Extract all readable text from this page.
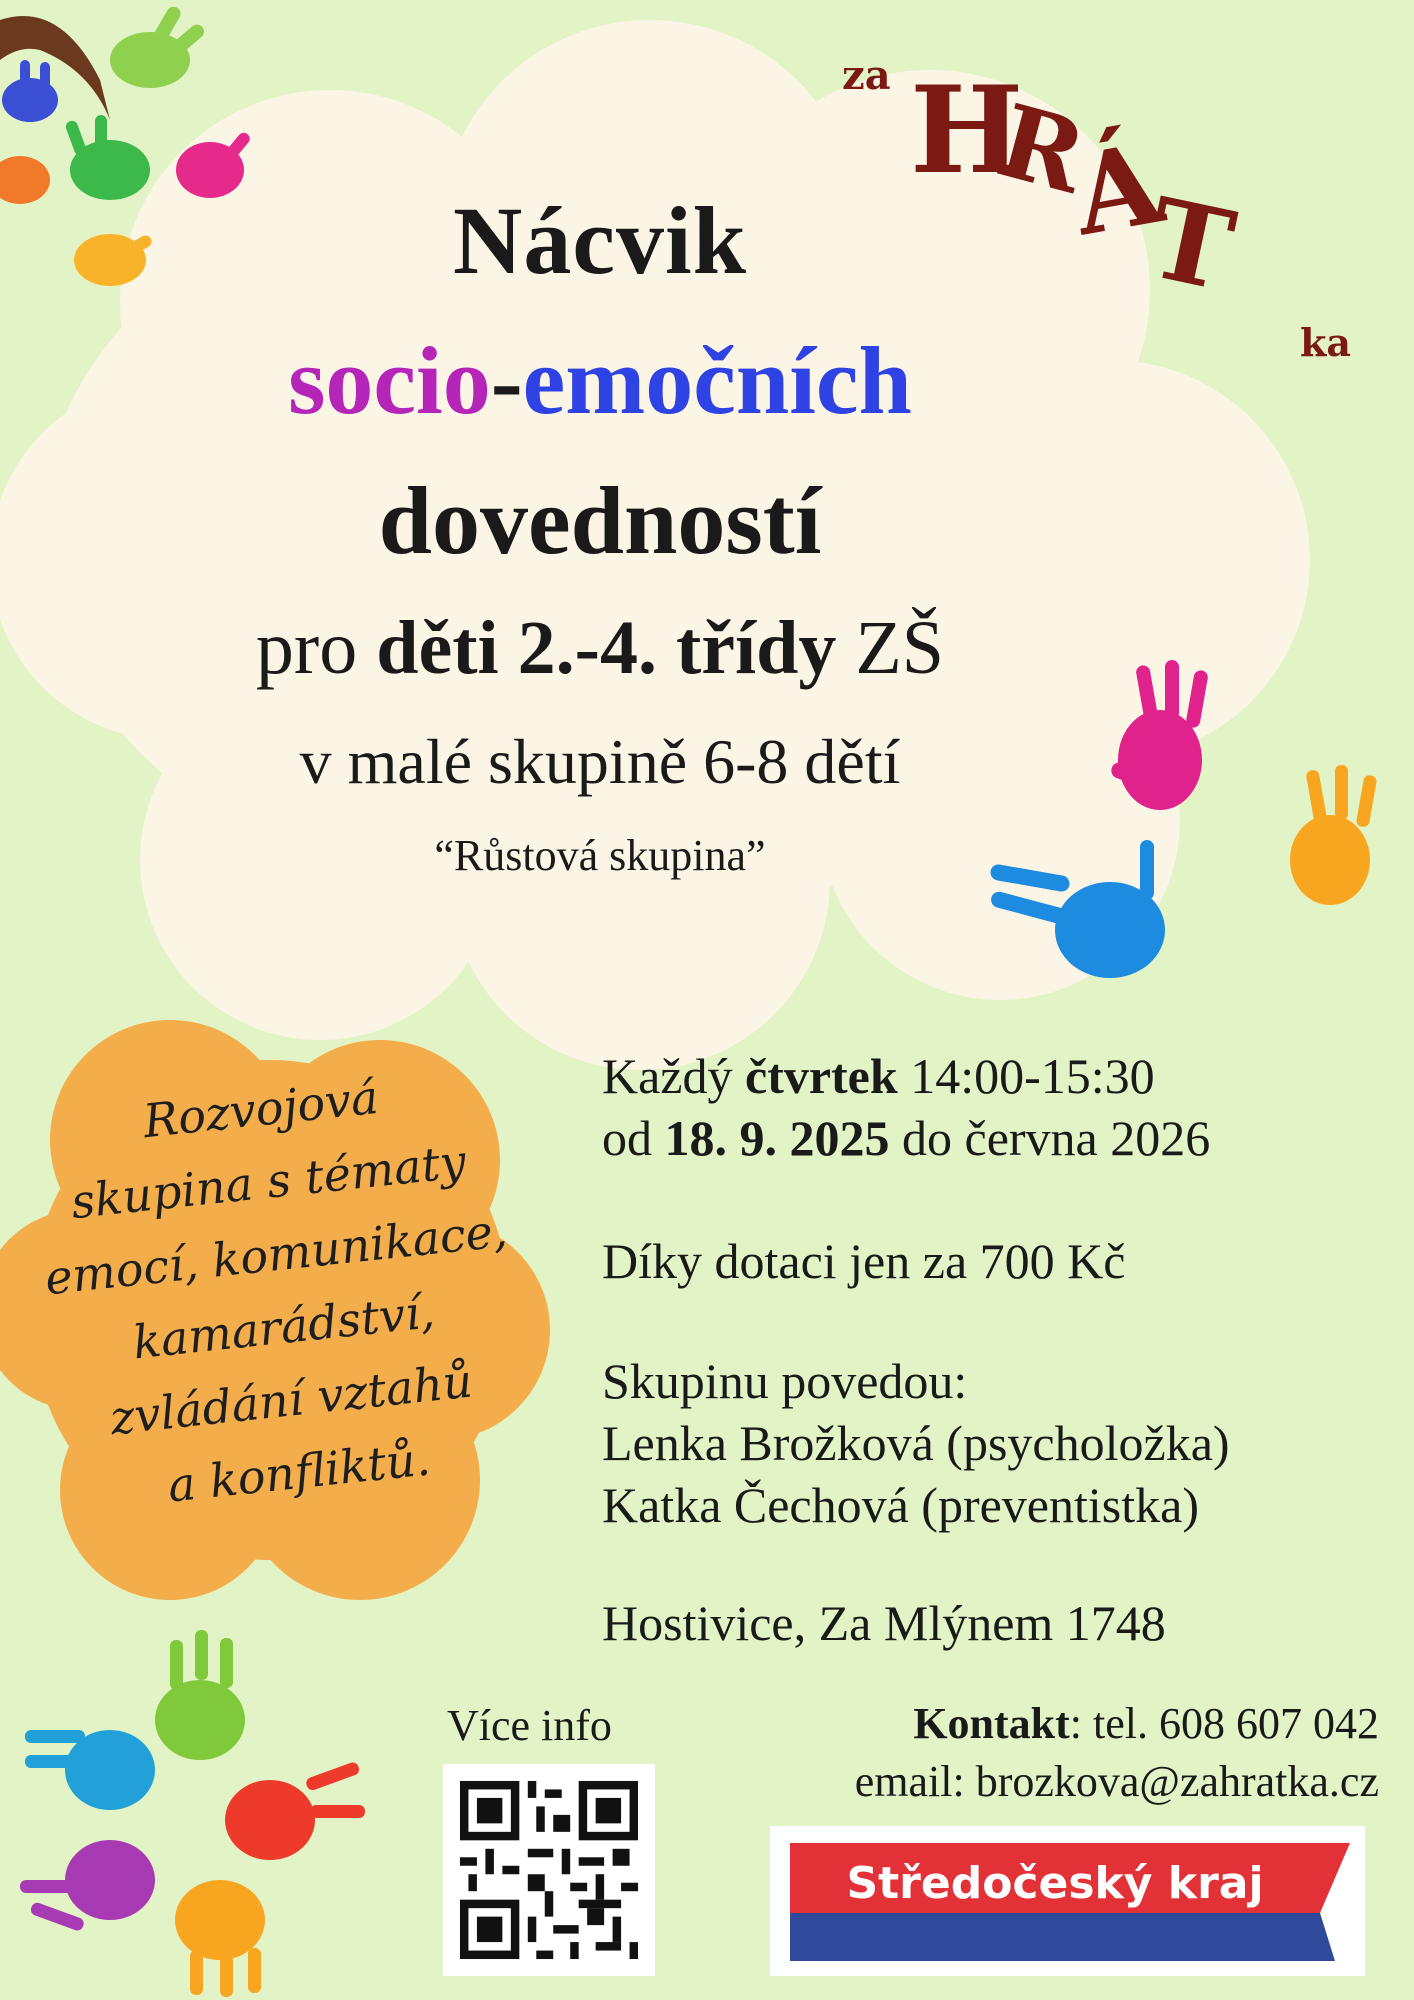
za H
R
Á
T
ka
Nácvik
socio-emočních
dovedností
pro děti 2.-4. třídy ZŠ
v malé skupině 6-8 dětí
“Růstová skupina”
Rozvojová
skupina s tématy
emocí, komunikace,
kamarádství,
zvládání vztahů
a konfliktů.
Každý čtvrtek 14:00-15:30
od 18. 9. 2025 do června 2026
Díky dotaci jen za 700 Kč
Skupinu povedou:
Lenka Brožková (psycholožka)
Katka Čechová (preventistka)
Hostivice, Za Mlýnem 1748
Více info	Kontakt: tel. 608 607 042
email: brozkova@zahratka.cz
Středočeský kraj
